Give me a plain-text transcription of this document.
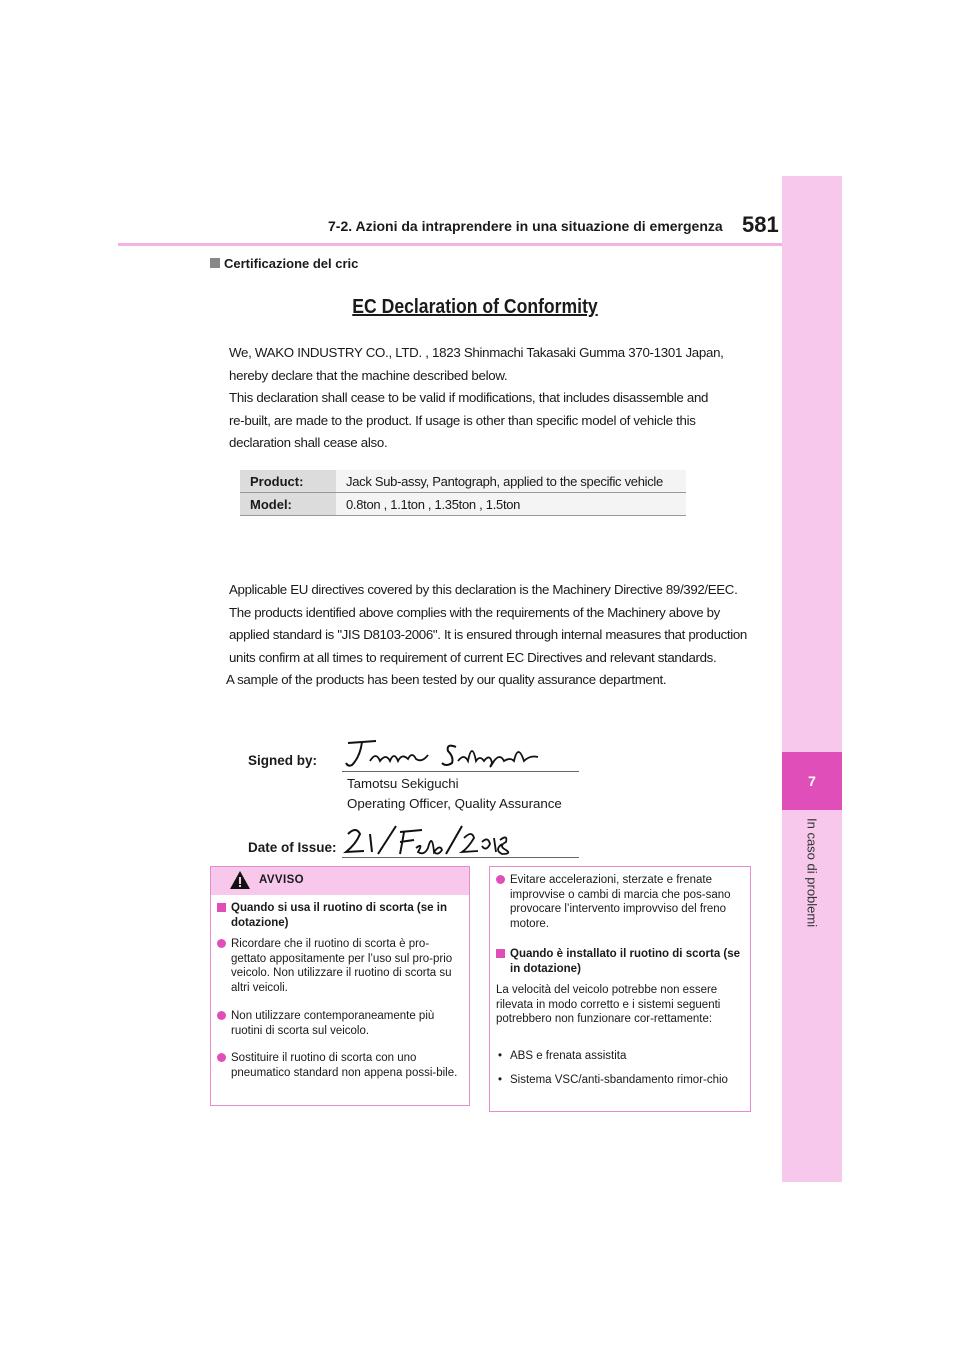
7
In caso di problemi
7-2. Azioni da intraprendere in una situazione di emergenza 581
Certificazione del cric
EC Declaration of Conformity

We, WAKO INDUSTRY CO., LTD. , 1823 Shinmachi Takasaki Gumma 370-1301 Japan,

hereby declare that the machine described below.

This declaration shall cease to be valid if modifications, that includes disassemble and

re-built, are made to the product. If usage is other than specific model of vehicle this

declaration shall cease also.

Product:	Jack Sub-assy, Pantograph, applied to the specific vehicle
Model:	0.8ton , 1.1ton , 1.35ton , 1.5ton

Applicable EU directives covered by this declaration is the Machinery Directive 89/392/EEC.

The products identified above complies with the requirements of the Machinery above by

applied standard is "JIS D8103-2006". It is ensured through internal measures that production

units confirm at all times to requirement of current EC Directives and relevant standards.

A sample of the products has been tested by our quality assurance department.

Signed by:
Tamotsu Sekiguchi
Operating Officer, Quality Assurance
Date of Issue:
AVVISO
Quando si usa il ruotino di scorta (se in dotazione)
Ricordare che il ruotino di scorta è pro-gettato appositamente per l’uso sul pro-prio veicolo. Non utilizzare il ruotino di scorta su altri veicoli.
Non utilizzare contemporaneamente più ruotini di scorta sul veicolo.
Sostituire il ruotino di scorta con uno pneumatico standard non appena possi-bile.
Evitare accelerazioni, sterzate e frenate improvvise o cambi di marcia che pos-sano provocare l’intervento improvviso del freno motore.
Quando è installato il ruotino di scorta (se in dotazione)
La velocità del veicolo potrebbe non essere rilevata in modo corretto e i sistemi seguenti potrebbero non funzionare cor-rettamente:
• ABS e frenata assistita
• Sistema VSC/anti-sbandamento rimor-chio
